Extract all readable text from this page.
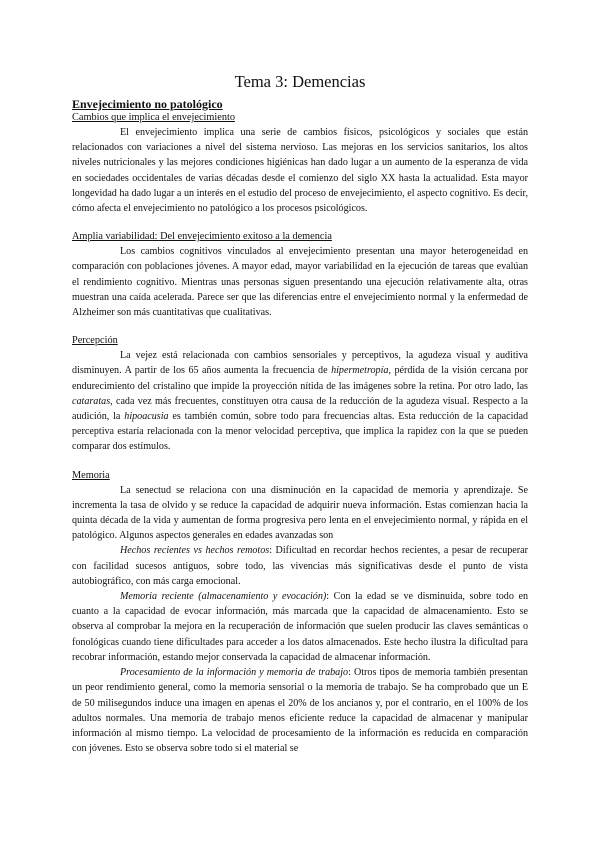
Tema 3: Demencias
Envejecimiento no patológico
Cambios que implica el envejecimiento

El envejecimiento implica una serie de cambios físicos, psicológicos y sociales que están relacionados con variaciones a nivel del sistema nervioso. Las mejoras en los servicios sanitarios, los altos niveles nutricionales y las mejores condiciones higiénicas han dado lugar a un aumento de la esperanza de vida en sociedades occidentales de varias décadas desde el comienzo del siglo XX hasta la actualidad. Esta mayor longevidad ha dado lugar a un interés en el estudio del proceso de envejecimiento, el aspecto cognitivo. Es decir, cómo afecta el envejecimiento no patológico a los procesos psicológicos.

Amplia variabilidad: Del envejecimiento exitoso a la demencia

Los cambios cognitivos vinculados al envejecimiento presentan una mayor heterogeneidad en comparación con poblaciones jóvenes. A mayor edad, mayor variabilidad en la ejecución de tareas que evalúan el rendimiento cognitivo. Mientras unas personas siguen presentando una ejecución relativamente alta, otras muestran una caída acelerada. Parece ser que las diferencias entre el envejecimiento normal y la enfermedad de Alzheimer son más cuantitativas que cualitativas.

Percepción

La vejez está relacionada con cambios sensoriales y perceptivos, la agudeza visual y auditiva disminuyen. A partir de los 65 años aumenta la frecuencia de hipermetropía, pérdida de la visión cercana por endurecimiento del cristalino que impide la proyección nítida de las imágenes sobre la retina. Por otro lado, las cataratas, cada vez más frecuentes, constituyen otra causa de la reducción de la agudeza visual. Respecto a la audición, la hipoacusia es también común, sobre todo para frecuencias altas. Esta reducción de la capacidad perceptiva estaría relacionada con la menor velocidad perceptiva, que implica la rapidez con la que se pueden comparar dos estímulos.

Memoria

La senectud se relaciona con una disminución en la capacidad de memoria y aprendizaje. Se incrementa la tasa de olvido y se reduce la capacidad de adquirir nueva información. Estas comienzan hacia la quinta década de la vida y aumentan de forma progresiva pero lenta en el envejecimiento normal, y rápida en el patológico. Algunos aspectos generales en edades avanzadas son

Hechos recientes vs hechos remotos: Dificultad en recordar hechos recientes, a pesar de recuperar con facilidad sucesos antiguos, sobre todo, las vivencias más significativas desde el punto de vista autobiográfico, con más carga emocional.

Memoria reciente (almacenamiento y evocación): Con la edad se ve disminuida, sobre todo en cuanto a la capacidad de evocar información, más marcada que la capacidad de almacenamiento. Esto se observa al comprobar la mejora en la recuperación de información que suelen producir las claves semánticas o fonológicas cuando tiene dificultades para acceder a los datos almacenados. Este hecho ilustra la dificultad para recobrar información, estando mejor conservada la capacidad de almacenar información.

Procesamiento de la información y memoria de trabajo: Otros tipos de memoria también presentan un peor rendimiento general, como la memoria sensorial o la memoria de trabajo. Se ha comprobado que un E de 50 milisegundos induce una imagen en apenas el 20% de los ancianos y, por el contrario, en el 100% de los adultos normales. Una memoria de trabajo menos eficiente reduce la capacidad de almacenar y manipular información al mismo tiempo. La velocidad de procesamiento de la información es reducida en comparación con jóvenes. Esto se observa sobre todo si el material se
